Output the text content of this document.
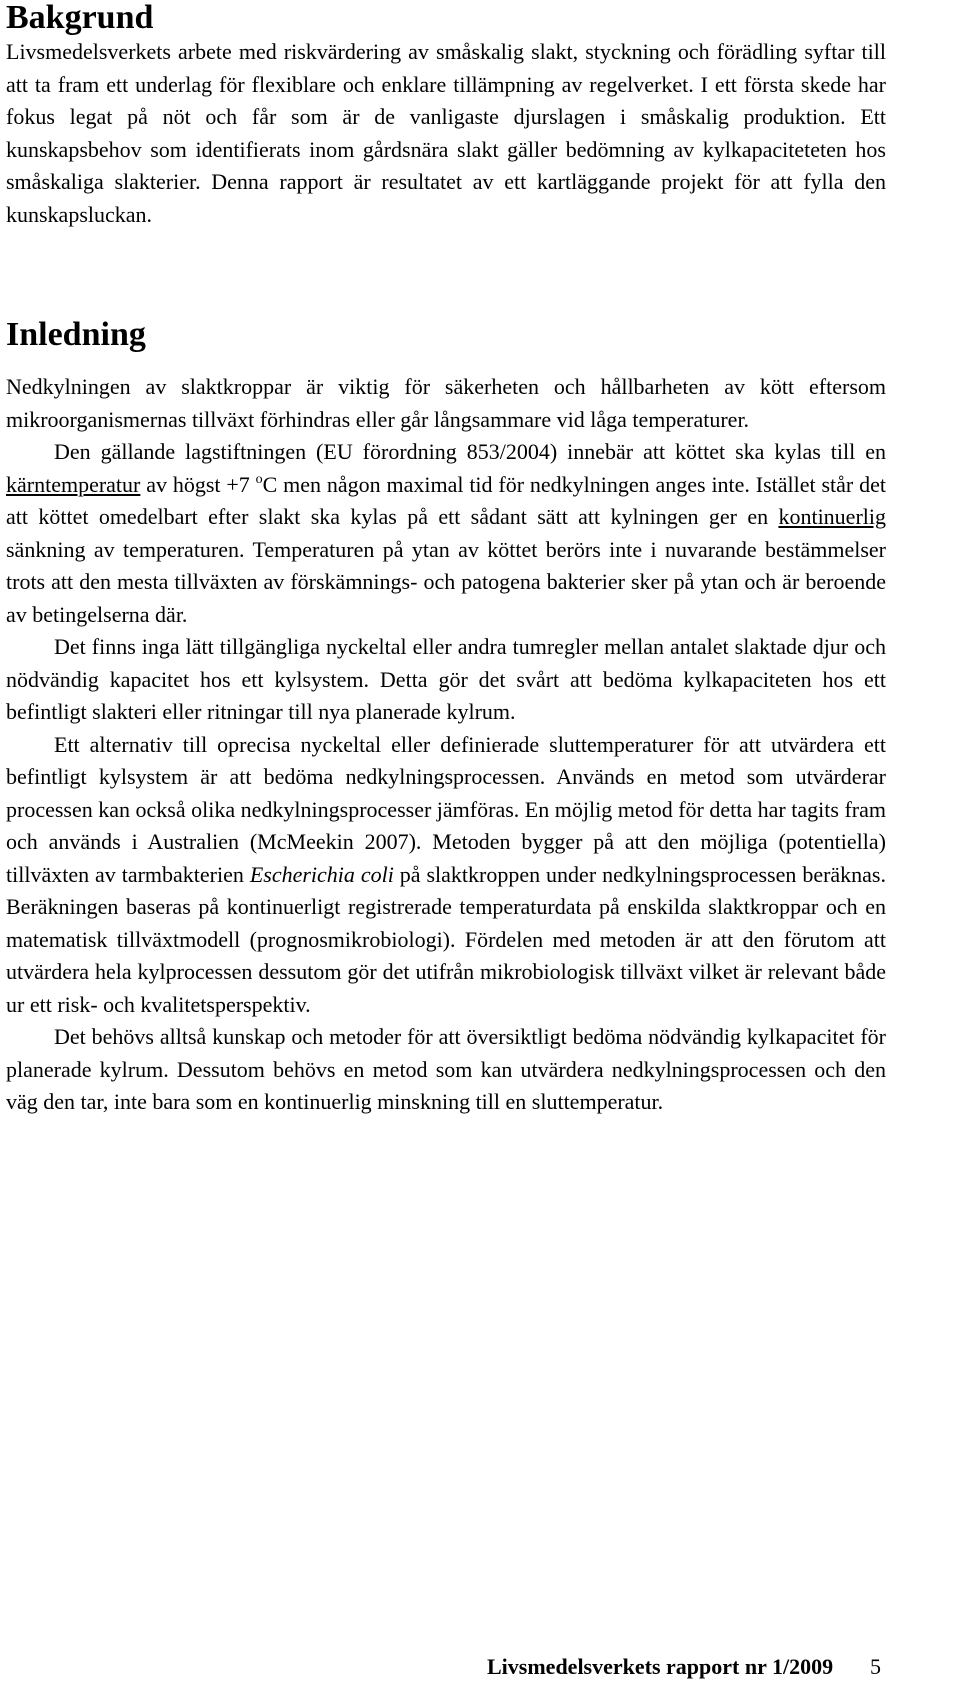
Bakgrund

Livsmedelsverkets arbete med riskvärdering av småskalig slakt, styckning och förädling syftar till att ta fram ett underlag för flexiblare och enklare tillämpning av regelverket. I ett första skede har fokus legat på nöt och får som är de vanligaste djurslagen i småskalig produktion. Ett kunskapsbehov som identifierats inom gårdsnära slakt gäller bedömning av kylkapaciteteten hos småskaliga slakterier. Denna rapport är resultatet av ett kartläggande projekt för att fylla den kunskapsluckan.

Inledning

Nedkylningen av slaktkroppar är viktig för säkerheten och hållbarheten av kött eftersom mikroorganismernas tillväxt förhindras eller går långsammare vid låga temperaturer.

Den gällande lagstiftningen (EU förordning 853/2004) innebär att köttet ska kylas till en kärntemperatur av högst +7 $^o$C men någon maximal tid för nedkylningen anges inte. Istället står det att köttet omedelbart efter slakt ska kylas på ett sådant sätt att kylningen ger en kontinuerlig sänkning av temperaturen. Temperaturen på ytan av köttet berörs inte i nuvarande bestämmelser trots att den mesta tillväxten av förskämnings- och patogena bakterier sker på ytan och är beroende av betingelserna där.

Det finns inga lätt tillgängliga nyckeltal eller andra tumregler mellan antalet slaktade djur och nödvändig kapacitet hos ett kylsystem. Detta gör det svårt att bedöma kylkapaciteten hos ett befintligt slakteri eller ritningar till nya planerade kylrum.

Ett alternativ till oprecisa nyckeltal eller definierade sluttemperaturer för att utvärdera ett befintligt kylsystem är att bedöma nedkylningsprocessen. Används en metod som utvärderar processen kan också olika nedkylningsprocesser jämföras. En möjlig metod för detta har tagits fram och används i Australien (McMeekin 2007). Metoden bygger på att den möjliga (potentiella) tillväxten av tarmbakterien Escherichia coli på slaktkroppen under nedkylningsprocessen beräknas. Beräkningen baseras på kontinuerligt registrerade temperaturdata på enskilda slaktkroppar och en matematisk tillväxtmodell (prognosmikrobiologi). Fördelen med metoden är att den förutom att utvärdera hela kylprocessen dessutom gör det utifrån mikrobiologisk tillväxt vilket är relevant både ur ett risk- och kvalitetsperspektiv.

Det behövs alltså kunskap och metoder för att översiktligt bedöma nödvändig kylkapacitet för planerade kylrum. Dessutom behövs en metod som kan utvärdera nedkylningsprocessen och den väg den tar, inte bara som en kontinuerlig minskning till en sluttemperatur.

Livsmedelsverkets rapport nr 1/2009 5
